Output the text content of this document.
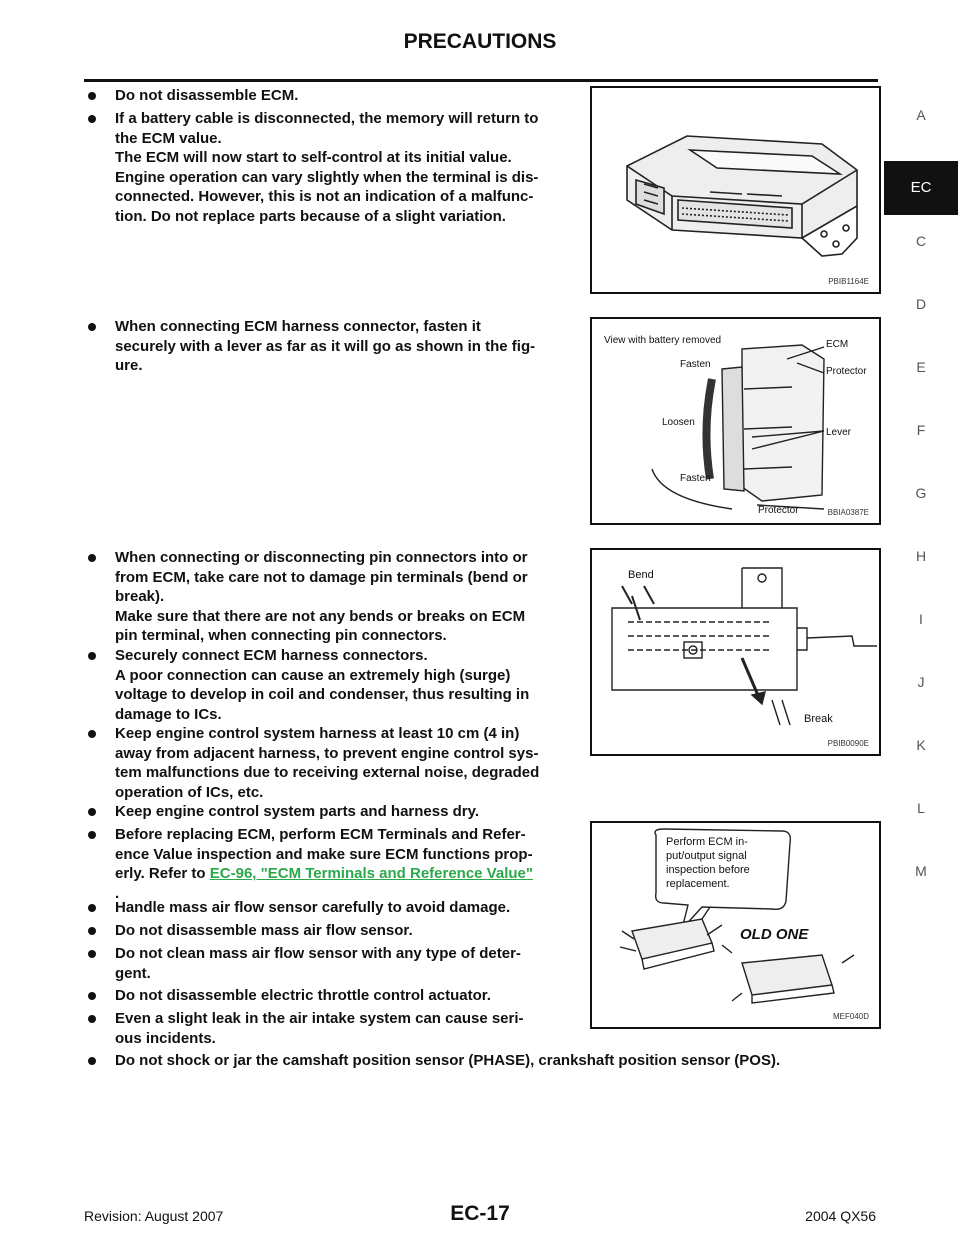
PRECAUTIONS
A
EC
C
D
E
F
G
H
I
J
K
L
M
Do not disassemble ECM.
If a battery cable is disconnected, the memory will return to
the ECM value.
The ECM will now start to self-control at its initial value.
Engine operation can vary slightly when the terminal is dis-
connected. However, this is not an indication of a malfunc-
tion. Do not replace parts because of a slight variation.
When connecting ECM harness connector, fasten it
securely with a lever as far as it will go as shown in the fig-
ure.
When connecting or disconnecting pin connectors into or
from ECM, take care not to damage pin terminals (bend or
break).
Make sure that there are not any bends or breaks on ECM
pin terminal, when connecting pin connectors.
Securely connect ECM harness connectors.
A poor connection can cause an extremely high (surge)
voltage to develop in coil and condenser, thus resulting in
damage to ICs.
Keep engine control system harness at least 10 cm (4 in)
away from adjacent harness, to prevent engine control sys-
tem malfunctions due to receiving external noise, degraded
operation of ICs, etc.
Keep engine control system parts and harness dry.
Before replacing ECM, perform ECM Terminals and Refer-
ence Value inspection and make sure ECM functions prop-
erly. Refer to EC-96, "ECM Terminals and Reference Value"
.
Handle mass air flow sensor carefully to avoid damage.
Do not disassemble mass air flow sensor.
Do not clean mass air flow sensor with any type of deter-
gent.
Do not disassemble electric throttle control actuator.
Even a slight leak in the air intake system can cause seri-
ous incidents.
Do not shock or jar the camshaft position sensor (PHASE), crankshaft position sensor (POS).
PBIB1164E
View with battery removed	ECM
Protector
Fasten
Loosen
Lever
Fasten
Protector	BBIA0387E
Bend
Break
PBIB0090E
Perform ECM in-
put/output signal
inspection before
replacement.
OLD ONE
MEF040D
Revision: August 2007	EC-17	2004 QX56
